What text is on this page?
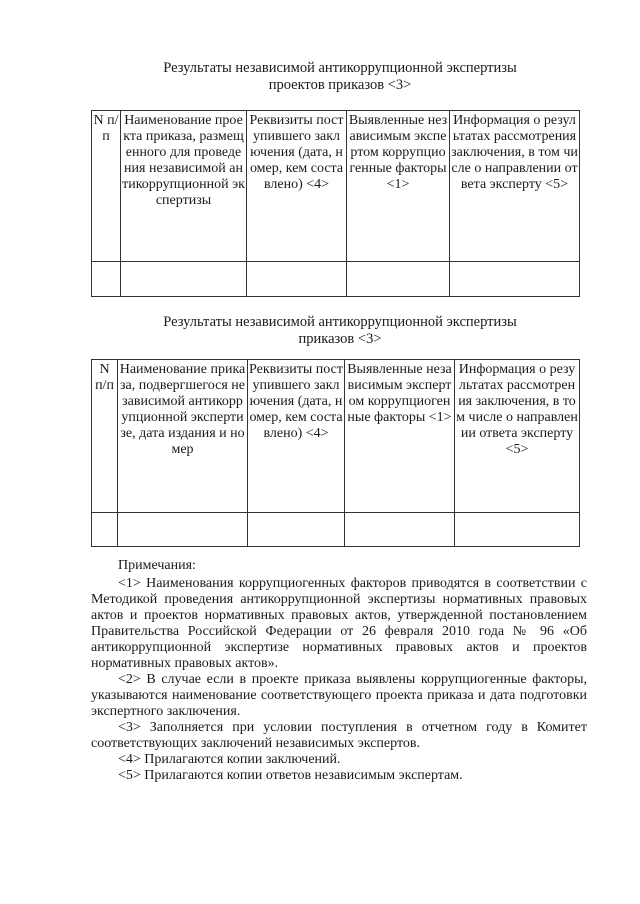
Результаты независимой антикоррупционной экспертизы
проектов приказов <3>
N п/п	Наименование проекта приказа, размещенного для проведения независимой антикоррупционной экспертизы	Реквизиты поступившего заключения (дата, номер, кем составлено) <4>	Выявленные независимым экспертом коррупциогенные факторы <1>	Информация о результатах рассмотрения заключения, в том числе о направлении ответа эксперту <5>

Результаты независимой антикоррупционной экспертизы
приказов <3>
N п/п	Наименование приказа, подвергшегося независимой антикоррупционной экспертизе, дата издания и номер	Реквизиты поступившего заключения (дата, номер, кем составлено) <4>	Выявленные независимым экспертом коррупциогенные факторы <1>	Информация о результатах рассмотрения заключения, в том числе о направлении ответа эксперту <5>

Примечания:

<1> Наименования коррупциогенных факторов приводятся в соответствии с Методикой проведения антикоррупционной экспертизы нормативных правовых актов и проектов нормативных правовых актов, утвержденной постановлением Правительства Российской Федерации от 26 февраля 2010 года № 96 «Об антикоррупционной экспертизе нормативных правовых актов и проектов нормативных правовых актов».

<2> В случае если в проекте приказа выявлены коррупциогенные факторы, указываются наименование соответствующего проекта приказа и дата подготовки экспертного заключения.

<3> Заполняется при условии поступления в отчетном году в Комитет соответствующих заключений независимых экспертов.

<4> Прилагаются копии заключений.

<5> Прилагаются копии ответов независимым экспертам.
